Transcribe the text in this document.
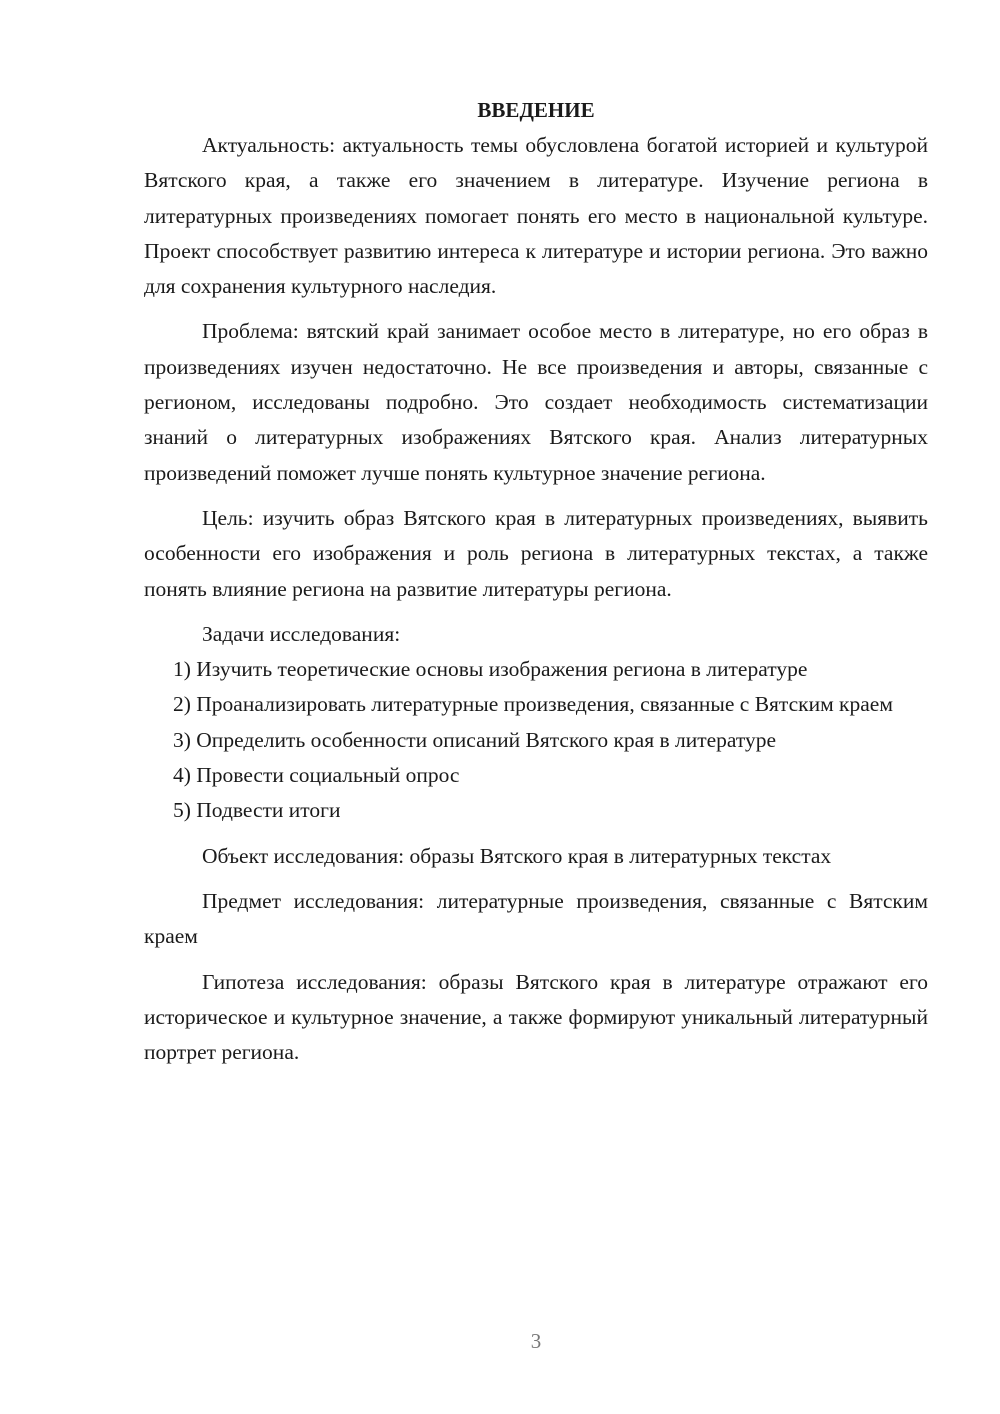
ВВЕДЕНИЕ

Актуальность: актуальность темы обусловлена богатой историей и культурой Вятского края, а также его значением в литературе. Изучение региона в литературных произведениях помогает понять его место в национальной культуре. Проект способствует развитию интереса к литературе и истории региона. Это важно для сохранения культурного наследия.

Проблема: вятский край занимает особое место в литературе, но его образ в произведениях изучен недостаточно. Не все произведения и авторы, связанные с регионом, исследованы подробно. Это создает необходимость систематизации знаний о литературных изображениях Вятского края. Анализ литературных произведений поможет лучше понять культурное значение региона.

Цель: изучить образ Вятского края в литературных произведениях, выявить особенности его изображения и роль региона в литературных текстах, а также понять влияние региона на развитие литературы региона.

Задачи исследования:

1) Изучить теоретические основы изображения региона в литературе

2) Проанализировать литературные произведения, связанные с Вятским краем

3) Определить особенности описаний Вятского края в литературе

4) Провести социальный опрос

5) Подвести итоги

Объект исследования: образы Вятского края в литературных текстах

Предмет исследования: литературные произведения, связанные с Вятским краем

Гипотеза исследования: образы Вятского края в литературе отражают его историческое и культурное значение, а также формируют уникальный литературный портрет региона.

3
